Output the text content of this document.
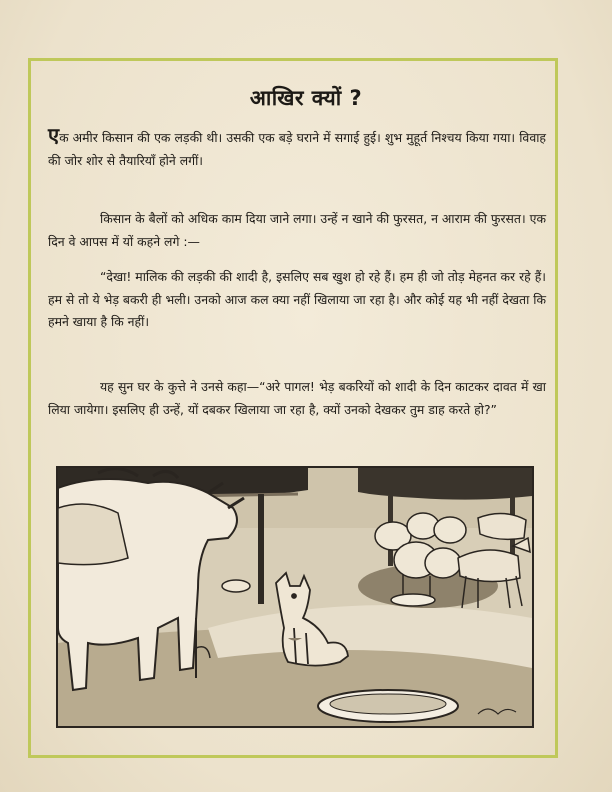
आखिर क्यों ?

एक अमीर किसान की एक लड़की थी। उसकी एक बड़े घराने में सगाई हुई। शुभ मुहूर्त निश्चय किया गया। विवाह की जोर शोर से तैयारियाँ होने लगीं।

किसान के बैलों को अधिक काम दिया जाने लगा। उन्हें न खाने की फुरसत, न आराम की फुरसत। एक दिन वे आपस में यों कहने लगे :—

“देखा! मालिक की लड़की की शादी है, इसलिए सब खुश हो रहे हैं। हम ही जो तोड़ मेहनत कर रहे हैं। हम से तो ये भेड़ बकरी ही भली। उनको आज कल क्या नहीं खिलाया जा रहा है। और कोई यह भी नहीं देखता कि हमने खाया है कि नहीं।

यह सुन घर के कुत्ते ने उनसे कहा—“अरे पागल! भेड़ बकरियों को शादी के दिन काटकर दावत में खा लिया जायेगा। इसलिए ही उन्हें, यों दबकर खिलाया जा रहा है, क्यों उनको देखकर तुम डाह करते हो?”
